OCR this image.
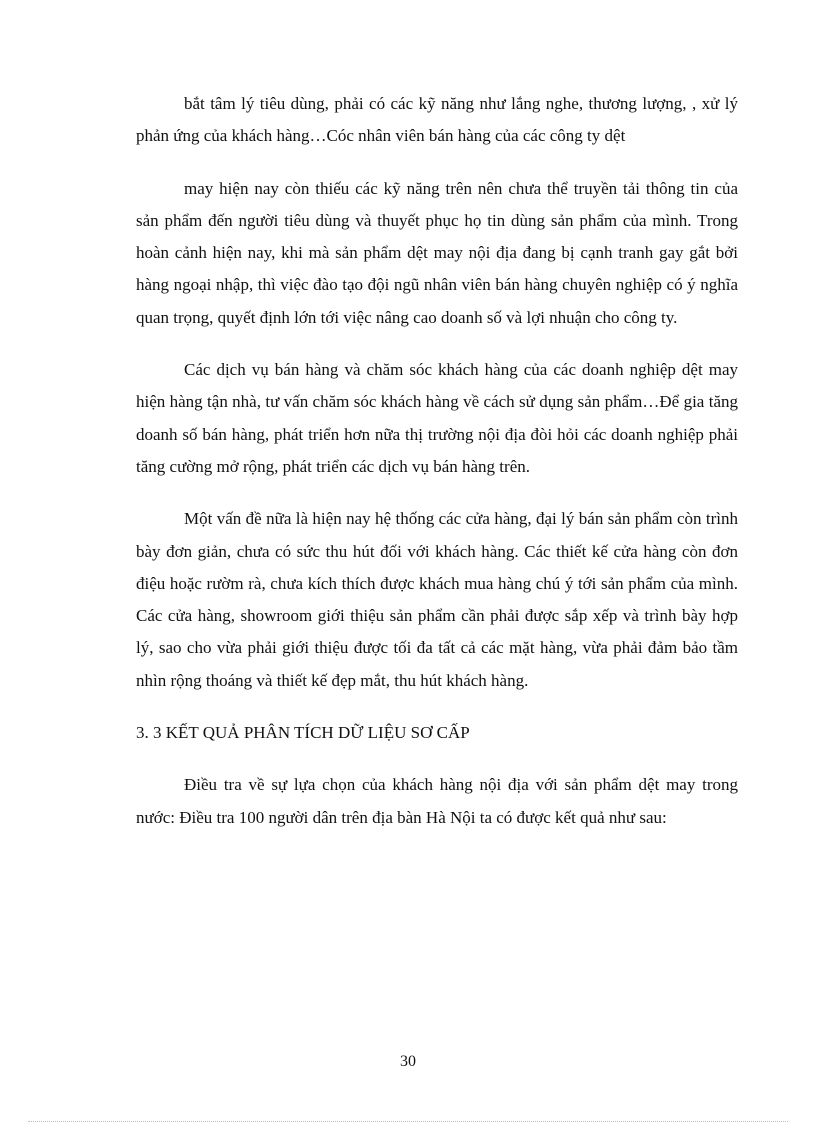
bắt tâm lý tiêu dùng, phải có các kỹ năng như lắng nghe, thương lượng, , xử lý phản ứng của khách hàng…Cóc nhân viên bán hàng của các công ty dệt

may hiện nay còn thiếu các kỹ năng trên nên chưa thể truyền tải thông tin của sản phẩm đến người tiêu dùng và thuyết phục họ tin dùng sản phẩm của mình. Trong hoàn cảnh hiện nay, khi mà sản phẩm dệt may nội địa đang bị cạnh tranh gay gắt bởi hàng ngoại nhập, thì việc đào tạo đội ngũ nhân viên bán hàng chuyên nghiệp có ý nghĩa quan trọng, quyết định lớn tới việc nâng cao doanh số và lợi nhuận cho công ty.

Các dịch vụ bán hàng và chăm sóc khách hàng của các doanh nghiệp dệt may hiện hàng tận nhà, tư vấn chăm sóc khách hàng về cách sử dụng sản phẩm…Để gia tăng doanh số bán hàng, phát triển hơn nữa thị trường nội địa đòi hỏi các doanh nghiệp phải tăng cường mở rộng, phát triển các dịch vụ bán hàng trên.

Một vấn đề nữa là hiện nay hệ thống các cửa hàng, đại lý bán sản phẩm còn trình bày đơn giản, chưa có sức thu hút đối với khách hàng. Các thiết kế cửa hàng còn đơn điệu hoặc rườm rà, chưa kích thích được khách mua hàng chú ý tới sản phẩm của mình. Các cửa hàng, showroom giới thiệu sản phẩm cần phải được sắp xếp và trình bày hợp lý, sao cho vừa phải giới thiệu được tối đa tất cả các mặt hàng, vừa phải đảm bảo tầm nhìn rộng thoáng và thiết kế đẹp mắt, thu hút khách hàng.

3. 3 KẾT QUẢ PHÂN TÍCH DỮ LIỆU SƠ CẤP

Điều tra về sự lựa chọn của khách hàng nội địa với sản phẩm dệt may trong nước: Điều tra 100 người dân trên địa bàn Hà Nội ta có được kết quả như sau:

30
